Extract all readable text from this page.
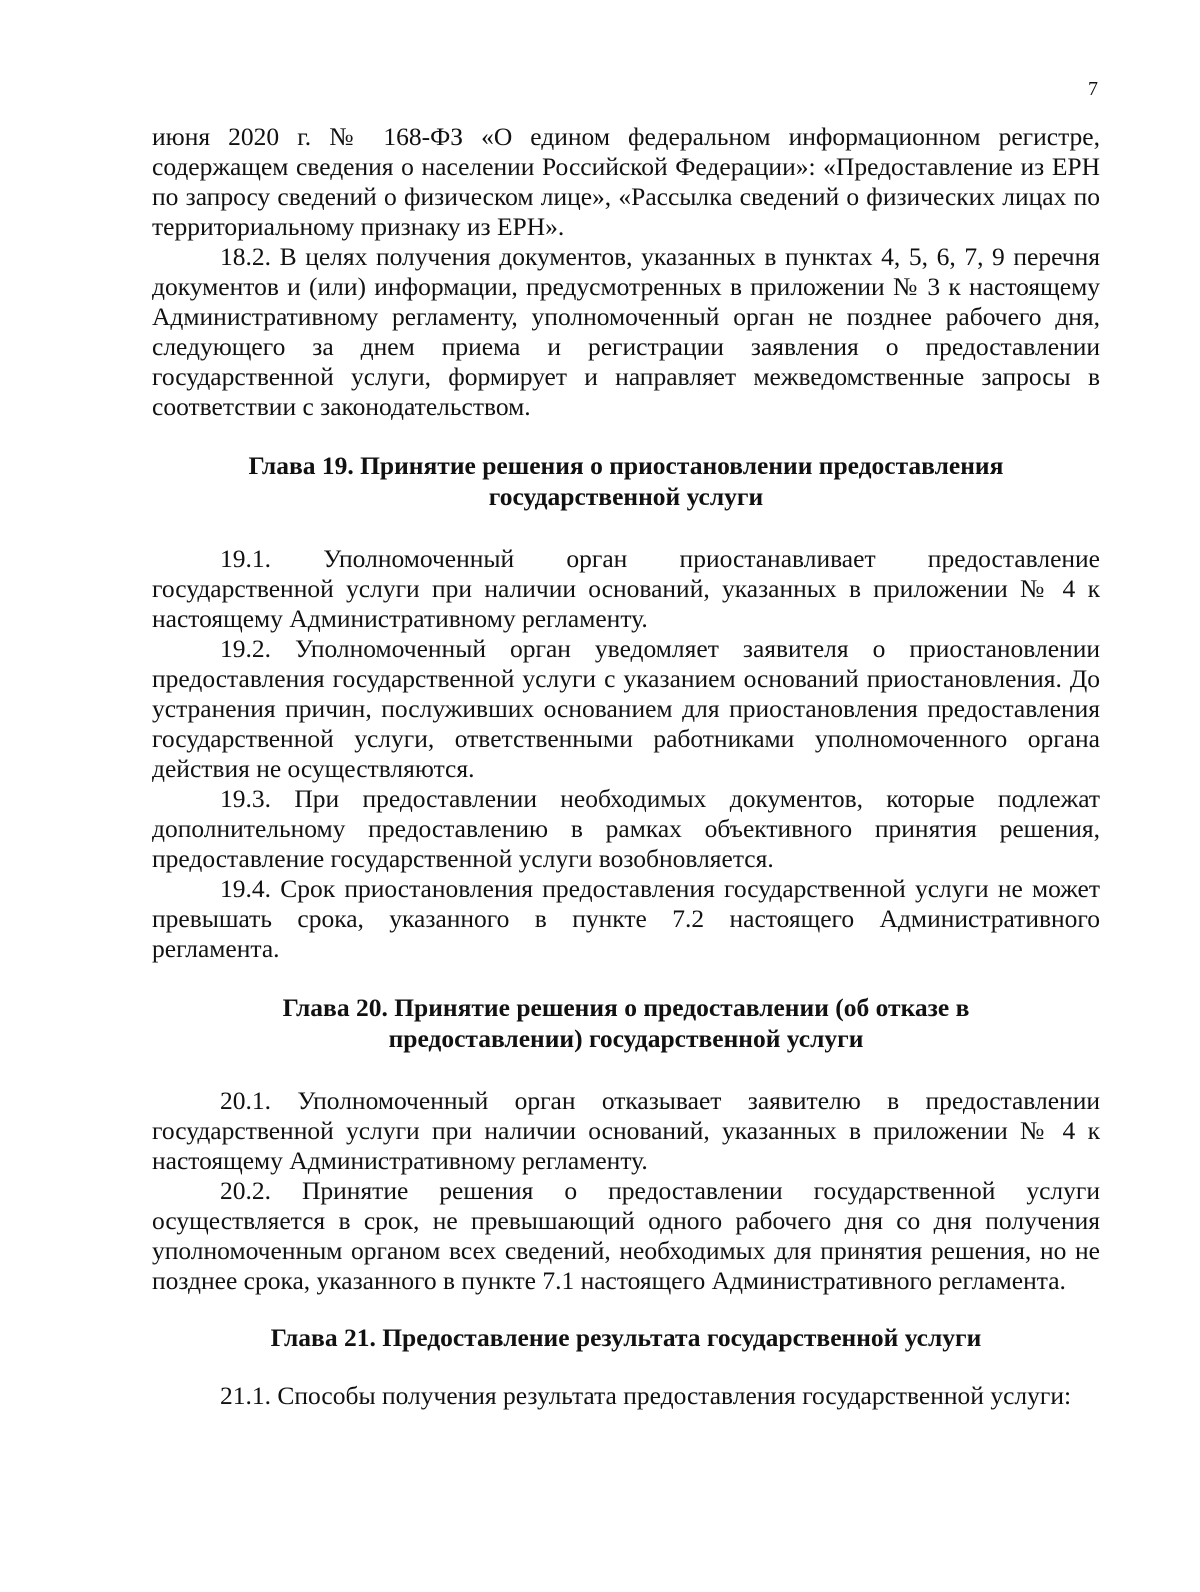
7

июня 2020 г. № 168-ФЗ «О едином федеральном информационном регистре, содержащем сведения о населении Российской Федерации»: «Предоставление из ЕРН по запросу сведений о физическом лице», «Рассылка сведений о физических лицах по территориальному признаку из ЕРН».

18.2. В целях получения документов, указанных в пунктах 4, 5, 6, 7, 9 перечня документов и (или) информации, предусмотренных в приложении № 3 к настоящему Административному регламенту, уполномоченный орган не позднее рабочего дня, следующего за днем приема и регистрации заявления о предоставлении государственной услуги, формирует и направляет межведомственные запросы в соответствии с законодательством.

Глава 19. Принятие решения о приостановлении предоставления государственной услуги

19.1. Уполномоченный орган приостанавливает предоставление государственной услуги при наличии оснований, указанных в приложении № 4 к настоящему Административному регламенту.

19.2. Уполномоченный орган уведомляет заявителя о приостановлении предоставления государственной услуги с указанием оснований приостановления. До устранения причин, послуживших основанием для приостановления предоставления государственной услуги, ответственными работниками уполномоченного органа действия не осуществляются.

19.3. При предоставлении необходимых документов, которые подлежат дополнительному предоставлению в рамках объективного принятия решения, предоставление государственной услуги возобновляется.

19.4. Срок приостановления предоставления государственной услуги не может превышать срока, указанного в пункте 7.2 настоящего Административного регламента.

Глава 20. Принятие решения о предоставлении (об отказе в предоставлении) государственной услуги

20.1. Уполномоченный орган отказывает заявителю в предоставлении государственной услуги при наличии оснований, указанных в приложении № 4 к настоящему Административному регламенту.

20.2. Принятие решения о предоставлении государственной услуги осуществляется в срок, не превышающий одного рабочего дня со дня получения уполномоченным органом всех сведений, необходимых для принятия решения, но не позднее срока, указанного в пункте 7.1 настоящего Административного регламента.

Глава 21. Предоставление результата государственной услуги

21.1. Способы получения результата предоставления государственной услуги:
